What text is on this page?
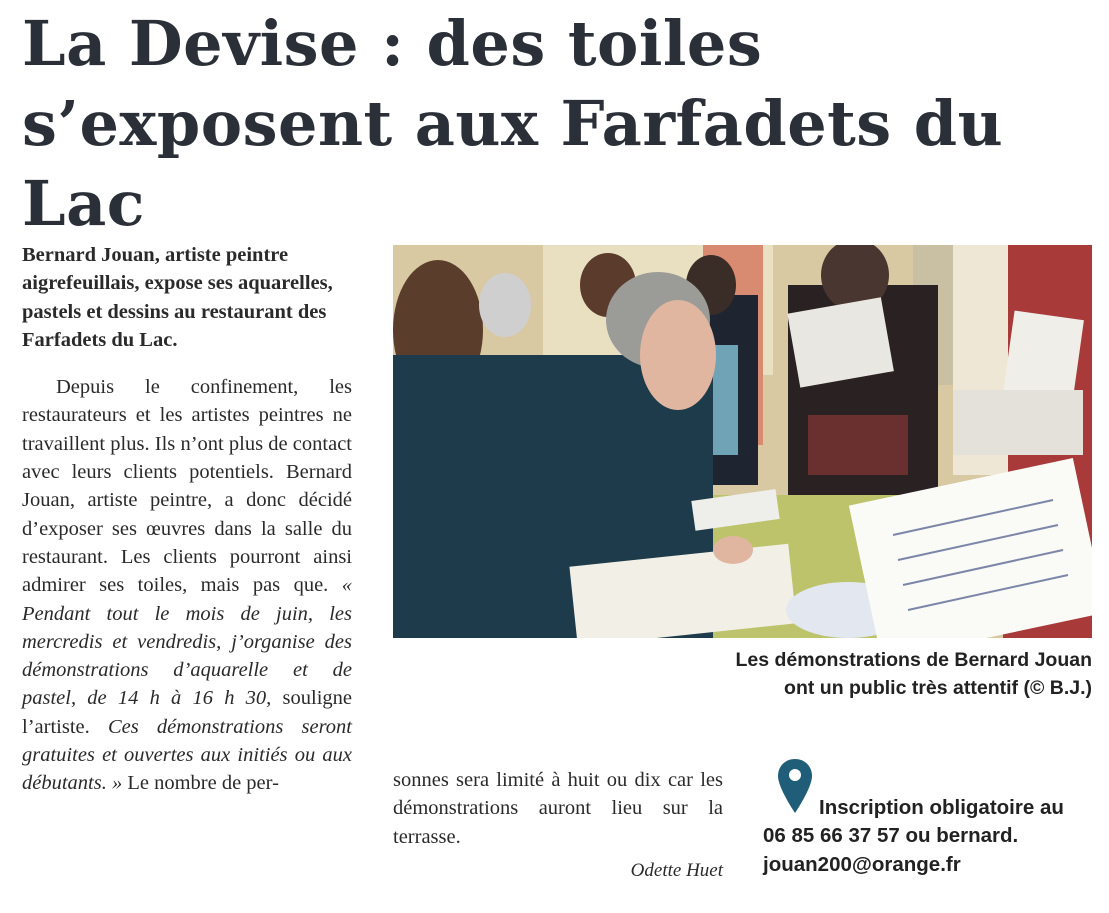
La Devise : des toiles s’exposent aux Farfadets du Lac

Bernard Jouan, artiste peintre aigrefeuillais, expose ses aquarelles, pastels et dessins au restaurant des Farfadets du Lac.

Depuis le confinement, les restaurateurs et les artistes peintres ne travaillent plus. Ils n’ont plus de contact avec leurs clients potentiels. Bernard Jouan, artiste peintre, a donc décidé d’exposer ses œuvres dans la salle du restaurant. Les clients pourront ainsi admirer ses toiles, mais pas que. « Pendant tout le mois de juin, les mercredis et vendredis, j’organise des démonstrations d’aquarelle et de pastel, de 14 h à 16 h 30, souligne l’artiste. Ces démonstrations seront gratuites et ouvertes aux initiés ou aux débutants. » Le nombre de per-

Les démonstrations de Bernard Jouan
ont un public très attentif (© B.J.)

sonnes sera limité à huit ou dix car les démonstrations auront lieu sur la terrasse.

Odette Huet

Inscription obligatoire au
06 85 66 37 57 ou bernard.
jouan200@orange.fr
